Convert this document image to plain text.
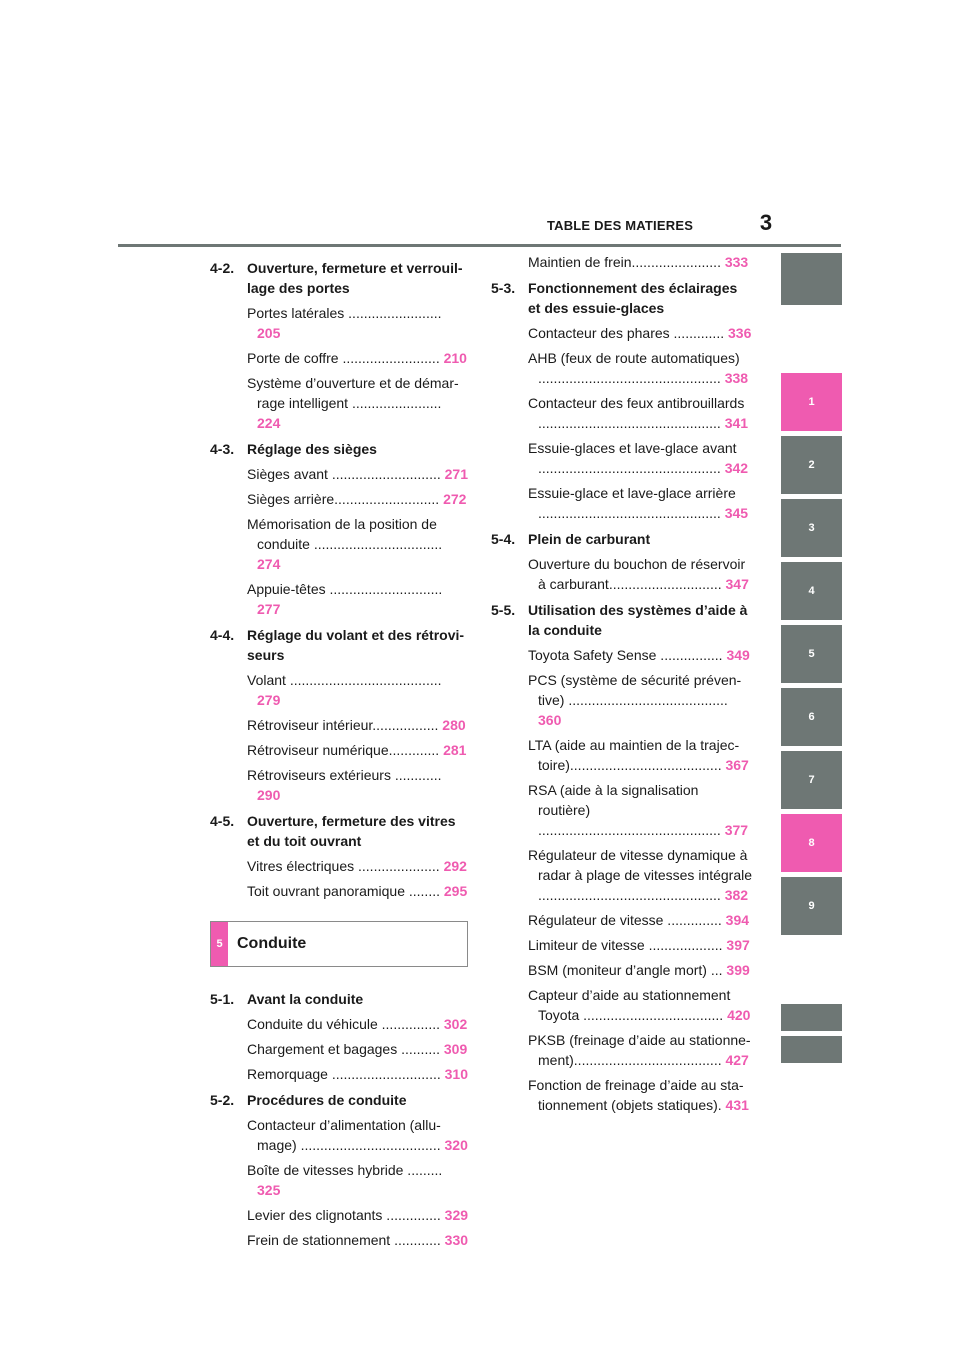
TABLE DES MATIERES	3
1
2
3
4
5
6
7
8
9
4-2. Ouverture, fermeture et verrouil-lage des portes
Portes latérales ........................ 205
Porte de coffre ......................... 210
Système d’ouverture et de démar-rage intelligent ....................... 224
4-3. Réglage des sièges
Sièges avant ............................ 271
Sièges arrière........................... 272
Mémorisation de la position de conduite ................................. 274
Appuie-têtes ............................. 277
4-4. Réglage du volant et des rétrovi-seurs
Volant ....................................... 279
Rétroviseur intérieur................. 280
Rétroviseur numérique............. 281
Rétroviseurs extérieurs ............ 290
4-5. Ouverture, fermeture des vitres et du toit ouvrant
Vitres électriques ..................... 292
Toit ouvrant panoramique ........ 295
5 Conduite
5-1. Avant la conduite
Conduite du véhicule ............... 302
Chargement et bagages .......... 309
Remorquage ............................ 310
5-2. Procédures de conduite
Contacteur d’alimentation (allu-mage) .................................... 320
Boîte de vitesses hybride ......... 325
Levier des clignotants .............. 329
Frein de stationnement ............ 330
Maintien de frein....................... 333
5-3. Fonctionnement des éclairages et des essuie-glaces
Contacteur des phares ............. 336
AHB (feux de route automatiques) ............................................... 338
Contacteur des feux antibrouillards ............................................... 341
Essuie-glaces et lave-glace avant ............................................... 342
Essuie-glace et lave-glace arrière ............................................... 345
5-4. Plein de carburant
Ouverture du bouchon de réservoir à carburant............................. 347
5-5. Utilisation des systèmes d’aide à la conduite
Toyota Safety Sense ................ 349
PCS (système de sécurité préven-tive) ......................................... 360
LTA (aide au maintien de la trajec-toire)....................................... 367
RSA (aide à la signalisation routière) ............................................... 377
Régulateur de vitesse dynamique à radar à plage de vitesses intégrale ............................................... 382
Régulateur de vitesse .............. 394
Limiteur de vitesse ................... 397
BSM (moniteur d’angle mort) ... 399
Capteur d’aide au stationnement Toyota .................................... 420
PKSB (freinage d’aide au stationne-ment)...................................... 427
Fonction de freinage d’aide au sta-tionnement (objets statiques). 431
